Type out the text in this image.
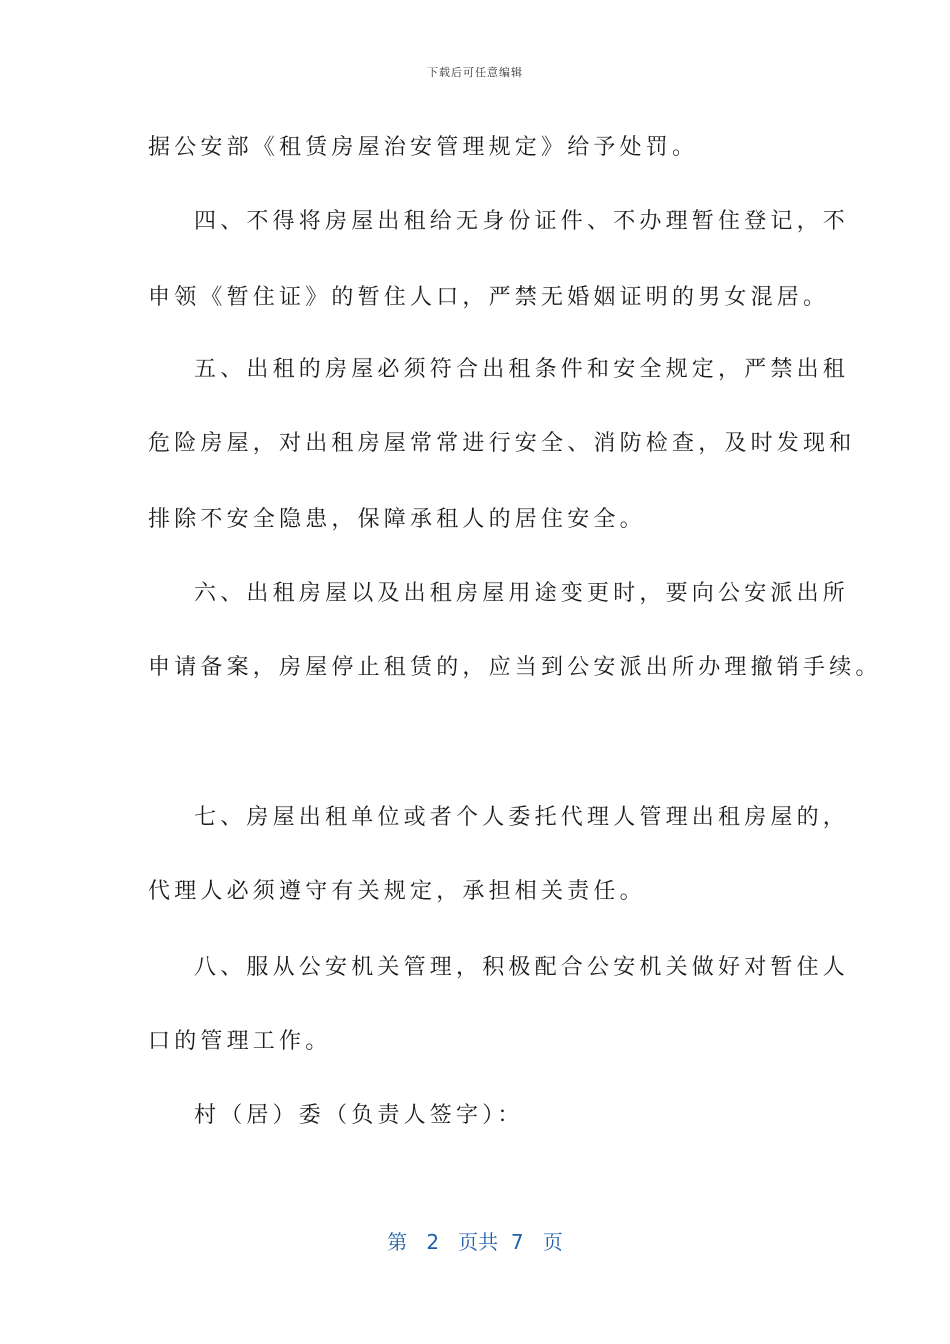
下载后可任意编辑
据公安部《租赁房屋治安管理规定》给予处罚。
四、不得将房屋出租给无身份证件、不办理暂住登记，不
申领《暂住证》的暂住人口，严禁无婚姻证明的男女混居。
五、出租的房屋必须符合出租条件和安全规定，严禁出租
危险房屋，对出租房屋常常进行安全、消防检查，及时发现和
排除不安全隐患，保障承租人的居住安全。
六、出租房屋以及出租房屋用途变更时，要向公安派出所
申请备案，房屋停止租赁的，应当到公安派出所办理撤销手续。
七、房屋出租单位或者个人委托代理人管理出租房屋的，
代理人必须遵守有关规定，承担相关责任。
八、服从公安机关管理，积极配合公安机关做好对暂住人
口的管理工作。
村（居）委（负责人签字）：
第 2 页共 7 页
